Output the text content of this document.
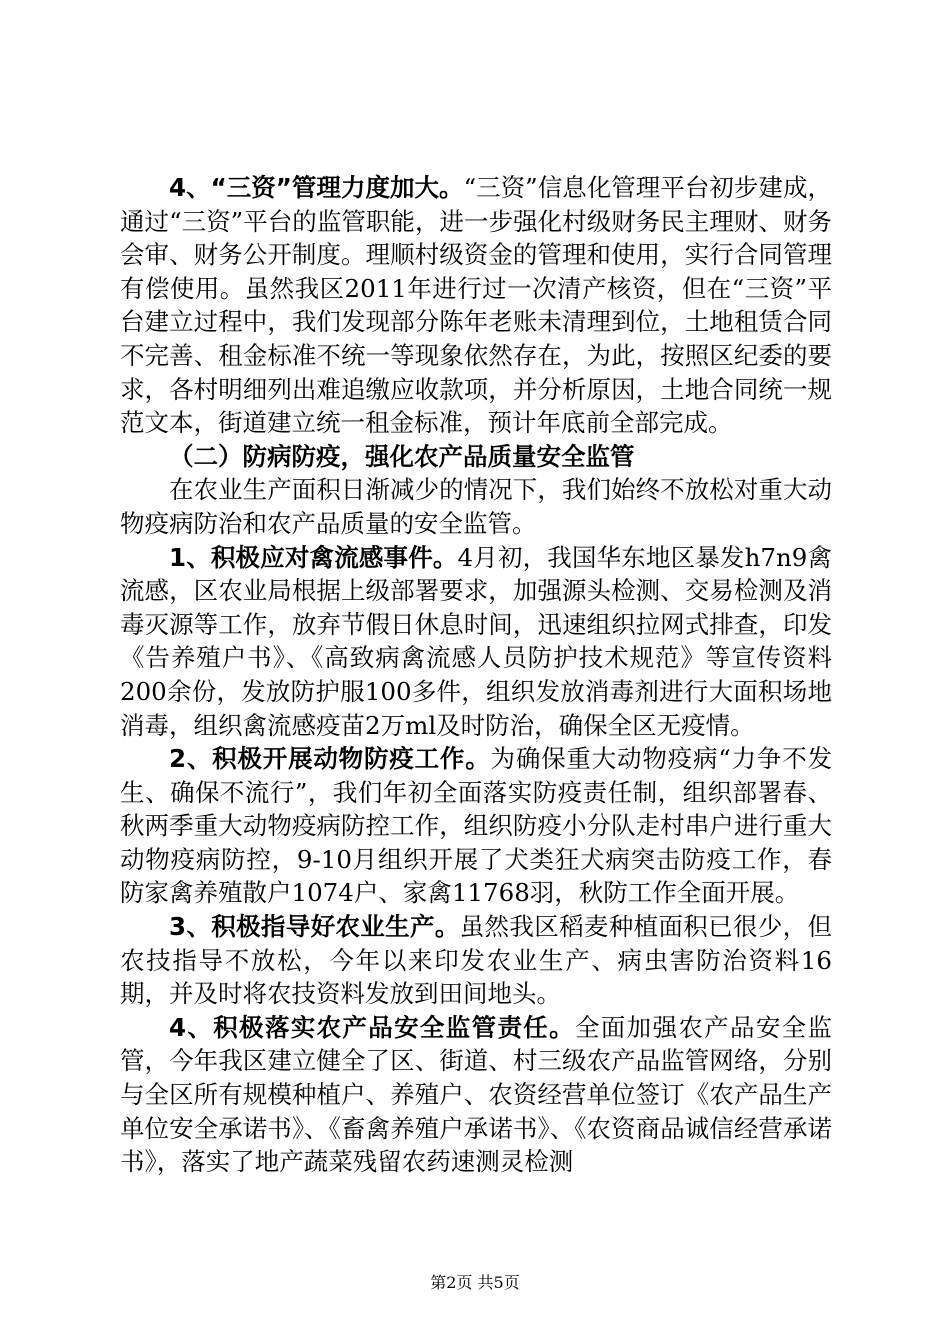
4、“三资”管理力度加大。“三资”信息化管理平台初步建成，通过“三资”平台的监管职能，进一步强化村级财务民主理财、财务会审、财务公开制度。理顺村级资金的管理和使用，实行合同管理有偿使用。虽然我区2011年进行过一次清产核资，但在“三资”平台建立过程中，我们发现部分陈年老账未清理到位，土地租赁合同不完善、租金标准不统一等现象依然存在，为此，按照区纪委的要求，各村明细列出难追缴应收款项，并分析原因，土地合同统一规范文本，街道建立统一租金标准，预计年底前全部完成。

（二）防病防疫，强化农产品质量安全监管

在农业生产面积日渐减少的情况下，我们始终不放松对重大动物疫病防治和农产品质量的安全监管。

1、积极应对禽流感事件。4月初，我国华东地区暴发h7n9禽流感，区农业局根据上级部署要求，加强源头检测、交易检测及消毒灭源等工作，放弃节假日休息时间，迅速组织拉网式排查，印发《告养殖户书》、《高致病禽流感人员防护技术规范》等宣传资料200余份，发放防护服100多件，组织发放消毒剂进行大面积场地消毒，组织禽流感疫苗2万ml及时防治，确保全区无疫情。

2、积极开展动物防疫工作。为确保重大动物疫病“力争不发生、确保不流行”，我们年初全面落实防疫责任制，组织部署春、秋两季重大动物疫病防控工作，组织防疫小分队走村串户进行重大动物疫病防控，9-10月组织开展了犬类狂犬病突击防疫工作，春防家禽养殖散户1074户、家禽11768羽，秋防工作全面开展。

3、积极指导好农业生产。虽然我区稻麦种植面积已很少，但农技指导不放松，今年以来印发农业生产、病虫害防治资料16期，并及时将农技资料发放到田间地头。

4、积极落实农产品安全监管责任。全面加强农产品安全监管，今年我区建立健全了区、街道、村三级农产品监管网络，分别与全区所有规模种植户、养殖户、农资经营单位签订《农产品生产单位安全承诺书》、《畜禽养殖户承诺书》、《农资商品诚信经营承诺书》，落实了地产蔬菜残留农药速测灵检测

第2页 共5页
